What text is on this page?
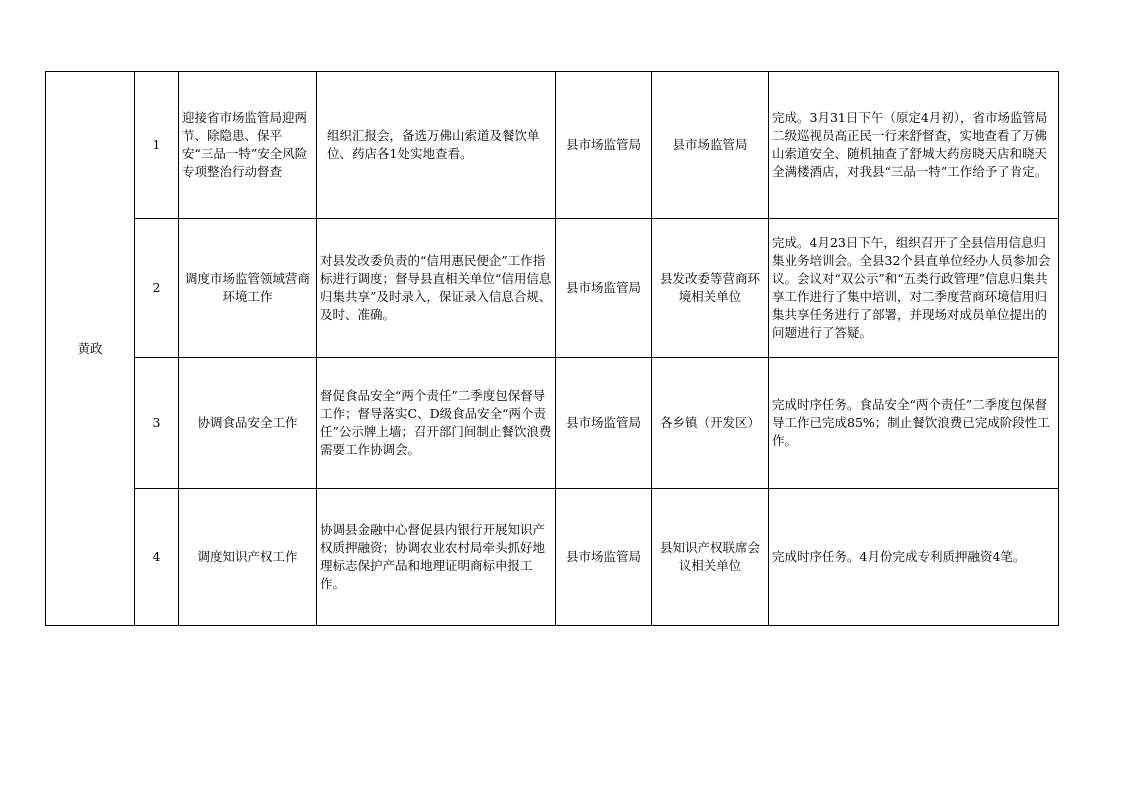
黄政	1	迎接省市场监管局迎两节、除隐患、保平安“三品一特”安全风险专项整治行动督查	组织汇报会，备选万佛山索道及餐饮单位、药店各1处实地查看。	县市场监管局	县市场监管局	完成。3月31日下午（原定4月初），省市场监管局二级巡视员高正民一行来舒督查，实地查看了万佛山索道安全、随机抽查了舒城大药房晓天店和晓天全满楼酒店，对我县“三品一特”工作给予了肯定。
	2	调度市场监管领域营商环境工作	对县发改委负责的“信用惠民便企”工作指标进行调度；督导县直相关单位“信用信息归集共享”及时录入，保证录入信息合规、及时、准确。	县市场监管局	县发改委等营商环境相关单位	完成。4月23日下午，组织召开了全县信用信息归集业务培训会。全县32个县直单位经办人员参加会议。会议对“双公示”和“五类行政管理”信息归集共享工作进行了集中培训，对二季度营商环境信用归集共享任务进行了部署，并现场对成员单位提出的问题进行了答疑。
	3	协调食品安全工作	督促食品安全“两个责任”二季度包保督导工作；督导落实C、D级食品安全“两个责任”公示牌上墙；召开部门间制止餐饮浪费需要工作协调会。	县市场监管局	各乡镇（开发区）	完成时序任务。食品安全“两个责任”二季度包保督导工作已完成85%；制止餐饮浪费已完成阶段性工作。
	4	调度知识产权工作	协调县金融中心督促县内银行开展知识产权质押融资；协调农业农村局牵头抓好地理标志保护产品和地理证明商标申报工作。	县市场监管局	县知识产权联席会议相关单位	完成时序任务。4月份完成专利质押融资4笔。
